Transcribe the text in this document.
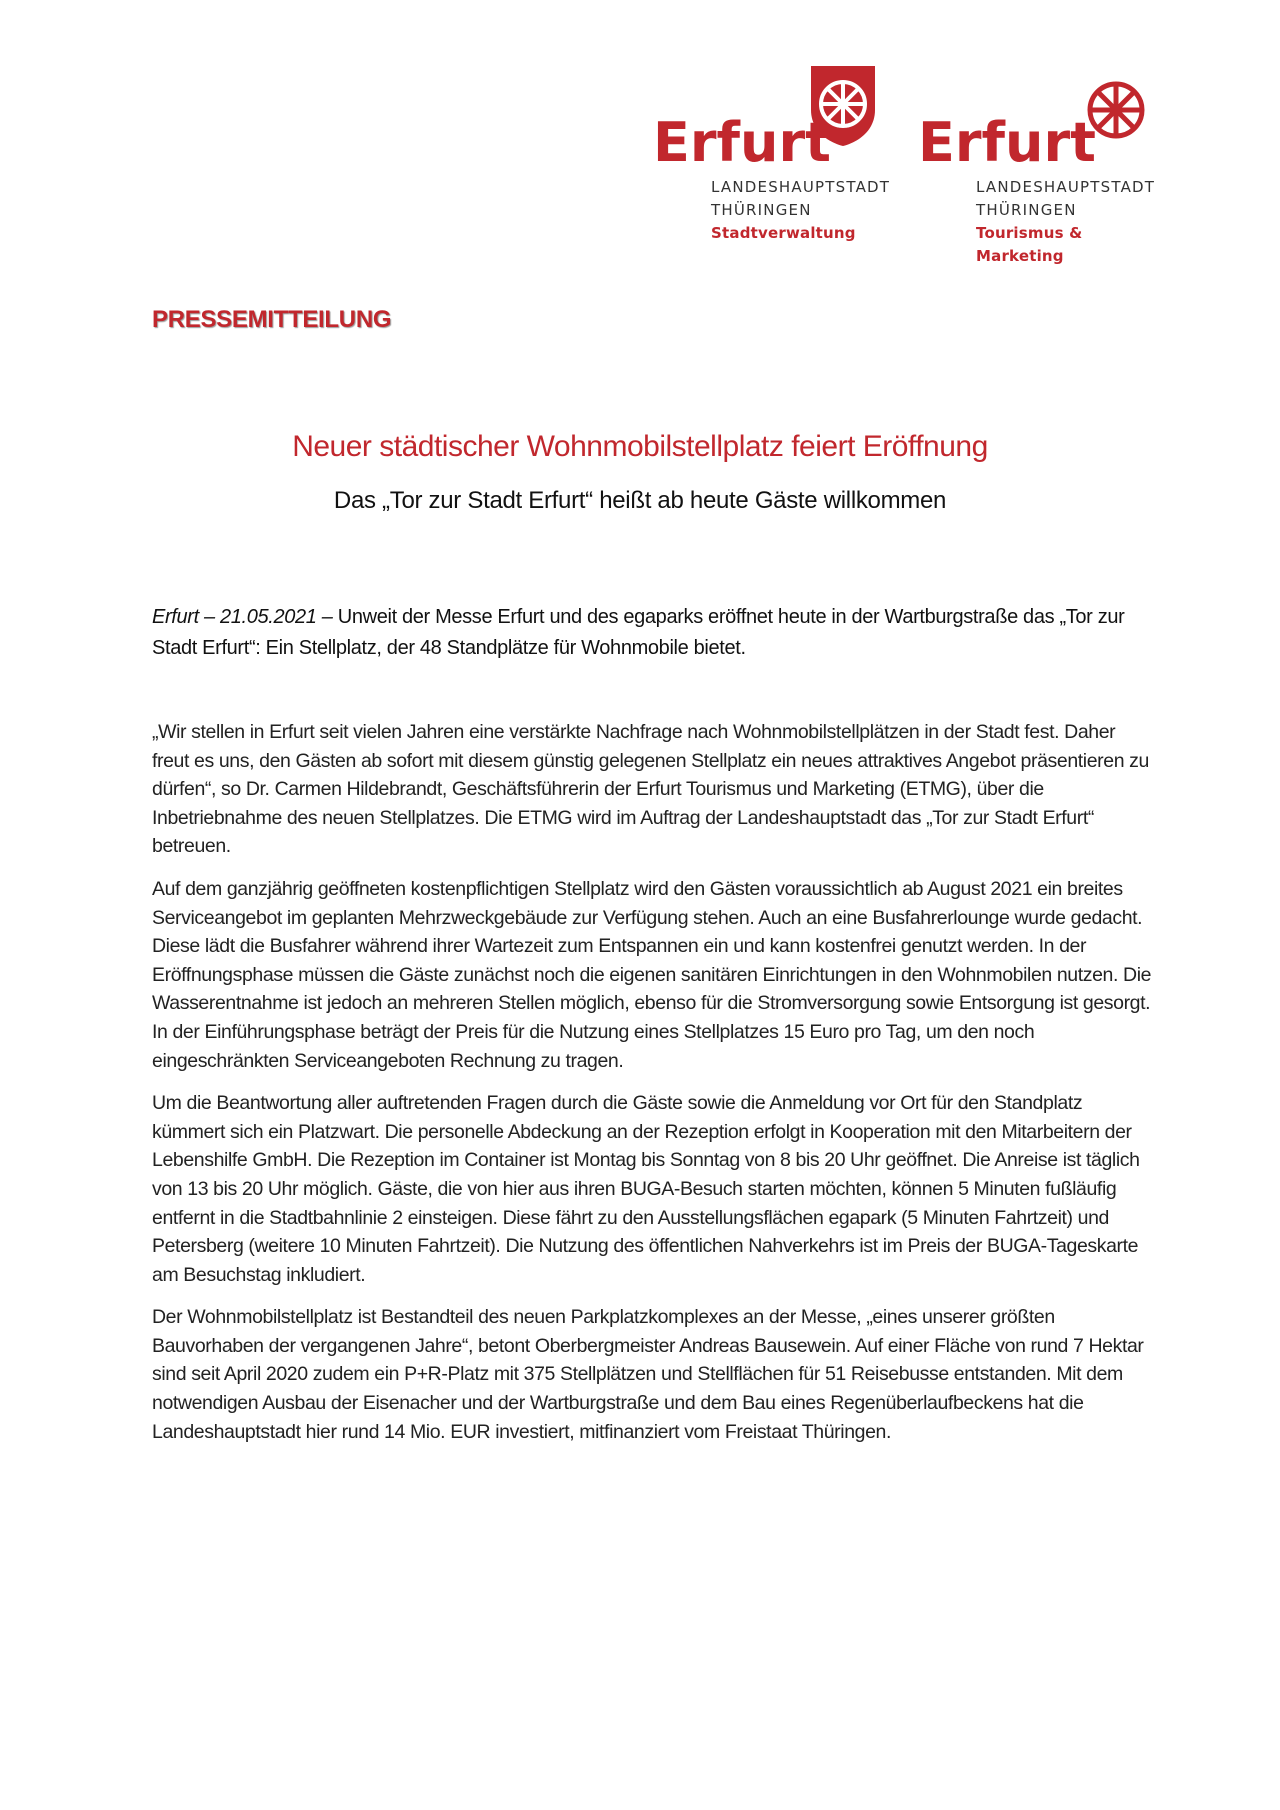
Erfurt
LANDESHAUPTSTADT
THÜRINGEN
Stadtverwaltung
Erfurt
LANDESHAUPTSTADT
THÜRINGEN
Tourismus & Marketing
PRESSEMITTEILUNG
Neuer städtischer Wohnmobilstellplatz feiert Eröffnung
Das „Tor zur Stadt Erfurt“ heißt ab heute Gäste willkommen
Erfurt – 21.05.2021 – Unweit der Messe Erfurt und des egaparks eröffnet heute in der Wartburgstraße das „Tor zur Stadt Erfurt“: Ein Stellplatz, der 48 Standplätze für Wohnmobile bietet.

„Wir stellen in Erfurt seit vielen Jahren eine verstärkte Nachfrage nach Wohnmobilstellplätzen in der Stadt fest. Daher freut es uns, den Gästen ab sofort mit diesem günstig gelegenen Stellplatz ein neues attraktives Angebot präsentieren zu dürfen“, so Dr. Carmen Hildebrandt, Geschäftsführerin der Erfurt Tourismus und Marketing (ETMG), über die Inbetriebnahme des neuen Stellplatzes. Die ETMG wird im Auftrag der Landeshauptstadt das „Tor zur Stadt Erfurt“ betreuen.

Auf dem ganzjährig geöffneten kostenpflichtigen Stellplatz wird den Gästen voraussichtlich ab August 2021 ein breites Serviceangebot im geplanten Mehrzweckgebäude zur Verfügung stehen. Auch an eine Busfahrerlounge wurde gedacht. Diese lädt die Busfahrer während ihrer Wartezeit zum Entspannen ein und kann kostenfrei genutzt werden. In der Eröffnungsphase müssen die Gäste zunächst noch die eigenen sanitären Einrichtungen in den Wohnmobilen nutzen. Die Wasserentnahme ist jedoch an mehreren Stellen möglich, ebenso für die Stromversorgung sowie Entsorgung ist gesorgt. In der Einführungsphase beträgt der Preis für die Nutzung eines Stellplatzes 15 Euro pro Tag, um den noch eingeschränkten Serviceangeboten Rechnung zu tragen.

Um die Beantwortung aller auftretenden Fragen durch die Gäste sowie die Anmeldung vor Ort für den Standplatz kümmert sich ein Platzwart. Die personelle Abdeckung an der Rezeption erfolgt in Kooperation mit den Mitarbeitern der Lebenshilfe GmbH. Die Rezeption im Container ist Montag bis Sonntag von 8 bis 20 Uhr geöffnet. Die Anreise ist täglich von 13 bis 20 Uhr möglich. Gäste, die von hier aus ihren BUGA-Besuch starten möchten, können 5 Minuten fußläufig entfernt in die Stadtbahnlinie 2 einsteigen. Diese fährt zu den Ausstellungsflächen egapark (5 Minuten Fahrtzeit) und Petersberg (weitere 10 Minuten Fahrtzeit). Die Nutzung des öffentlichen Nahverkehrs ist im Preis der BUGA-Tageskarte am Besuchstag inkludiert.

Der Wohnmobilstellplatz ist Bestandteil des neuen Parkplatzkomplexes an der Messe, „eines unserer größten Bauvorhaben der vergangenen Jahre“, betont Oberbergmeister Andreas Bausewein. Auf einer Fläche von rund 7 Hektar sind seit April 2020 zudem ein P+R-Platz mit 375 Stellplätzen und Stellflächen für 51 Reisebusse entstanden. Mit dem notwendigen Ausbau der Eisenacher und der Wartburgstraße und dem Bau eines Regenüberlaufbeckens hat die Landeshauptstadt hier rund 14 Mio. EUR investiert, mitfinanziert vom Freistaat Thüringen.
